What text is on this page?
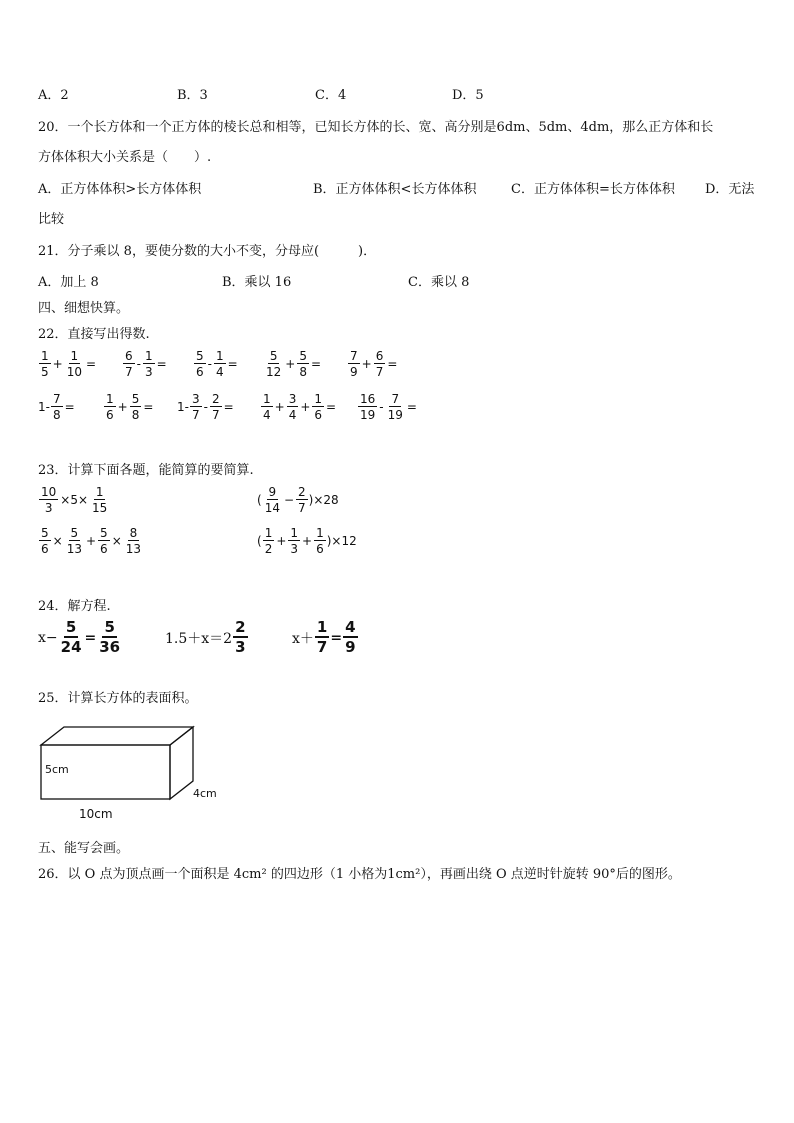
A．2	B．3	C．4	D．5
20．一个长方体和一个正方体的棱长总和相等，已知长方体的长、宽、高分别是6dm、5dm、4dm，那么正方体和长
方体体积大小关系是（　　）.
A．正方体体积>长方体体积	B．正方体体积<长方体体积	C．正方体体积=长方体体积 D．无法
比较
21．分子乘以 8，要使分数的大小不变，分母应(　　　)．
A．加上 8	B．乘以 16	C．乘以 8
四、细想快算。
22．直接写出得数.
$\frac{1}{5} + \frac{1}{10} = \frac{6}{7} - \frac{1}{3} = \frac{5}{6} - \frac{1}{4} = \frac{5}{12} + \frac{5}{8} = \frac{7}{9} + \frac{6}{7}$ =
$1- \frac{7}{8} = \frac{1}{6} + \frac{5}{8} = 1- \frac{3}{7} - \frac{2}{7} = \frac{1}{4} + \frac{3}{4} + \frac{1}{6} = \frac{16}{19} - \frac{7}{19}$ =
23．计算下面各题，能简算的要简算.
$\frac{10}{3} \times 5\times \frac{1}{15}$	( $\frac{9}{14} - \frac{2}{7} )\times 28$
$\frac{5}{6} \times \frac{5}{13} + \frac{5}{6} \times \frac{8}{13}$	( $\frac{1}{2} + \frac{1}{3} + \frac{1}{6} )\times 12$
24．解方程.
$x- \frac{5}{24} = \frac{5}{36}$	1.5＋x＝2
2
3	$x+ \frac{1}{7} = \frac{4}{9}$
25．计算长方体的表面积。
5cm
4cm
10cm
五、能写会画。
26．以 O 点为顶点画一个面积是 4cm² 的四边形（1 小格为1cm²），再画出绕 O 点逆时针旋转 90°后的图形。
